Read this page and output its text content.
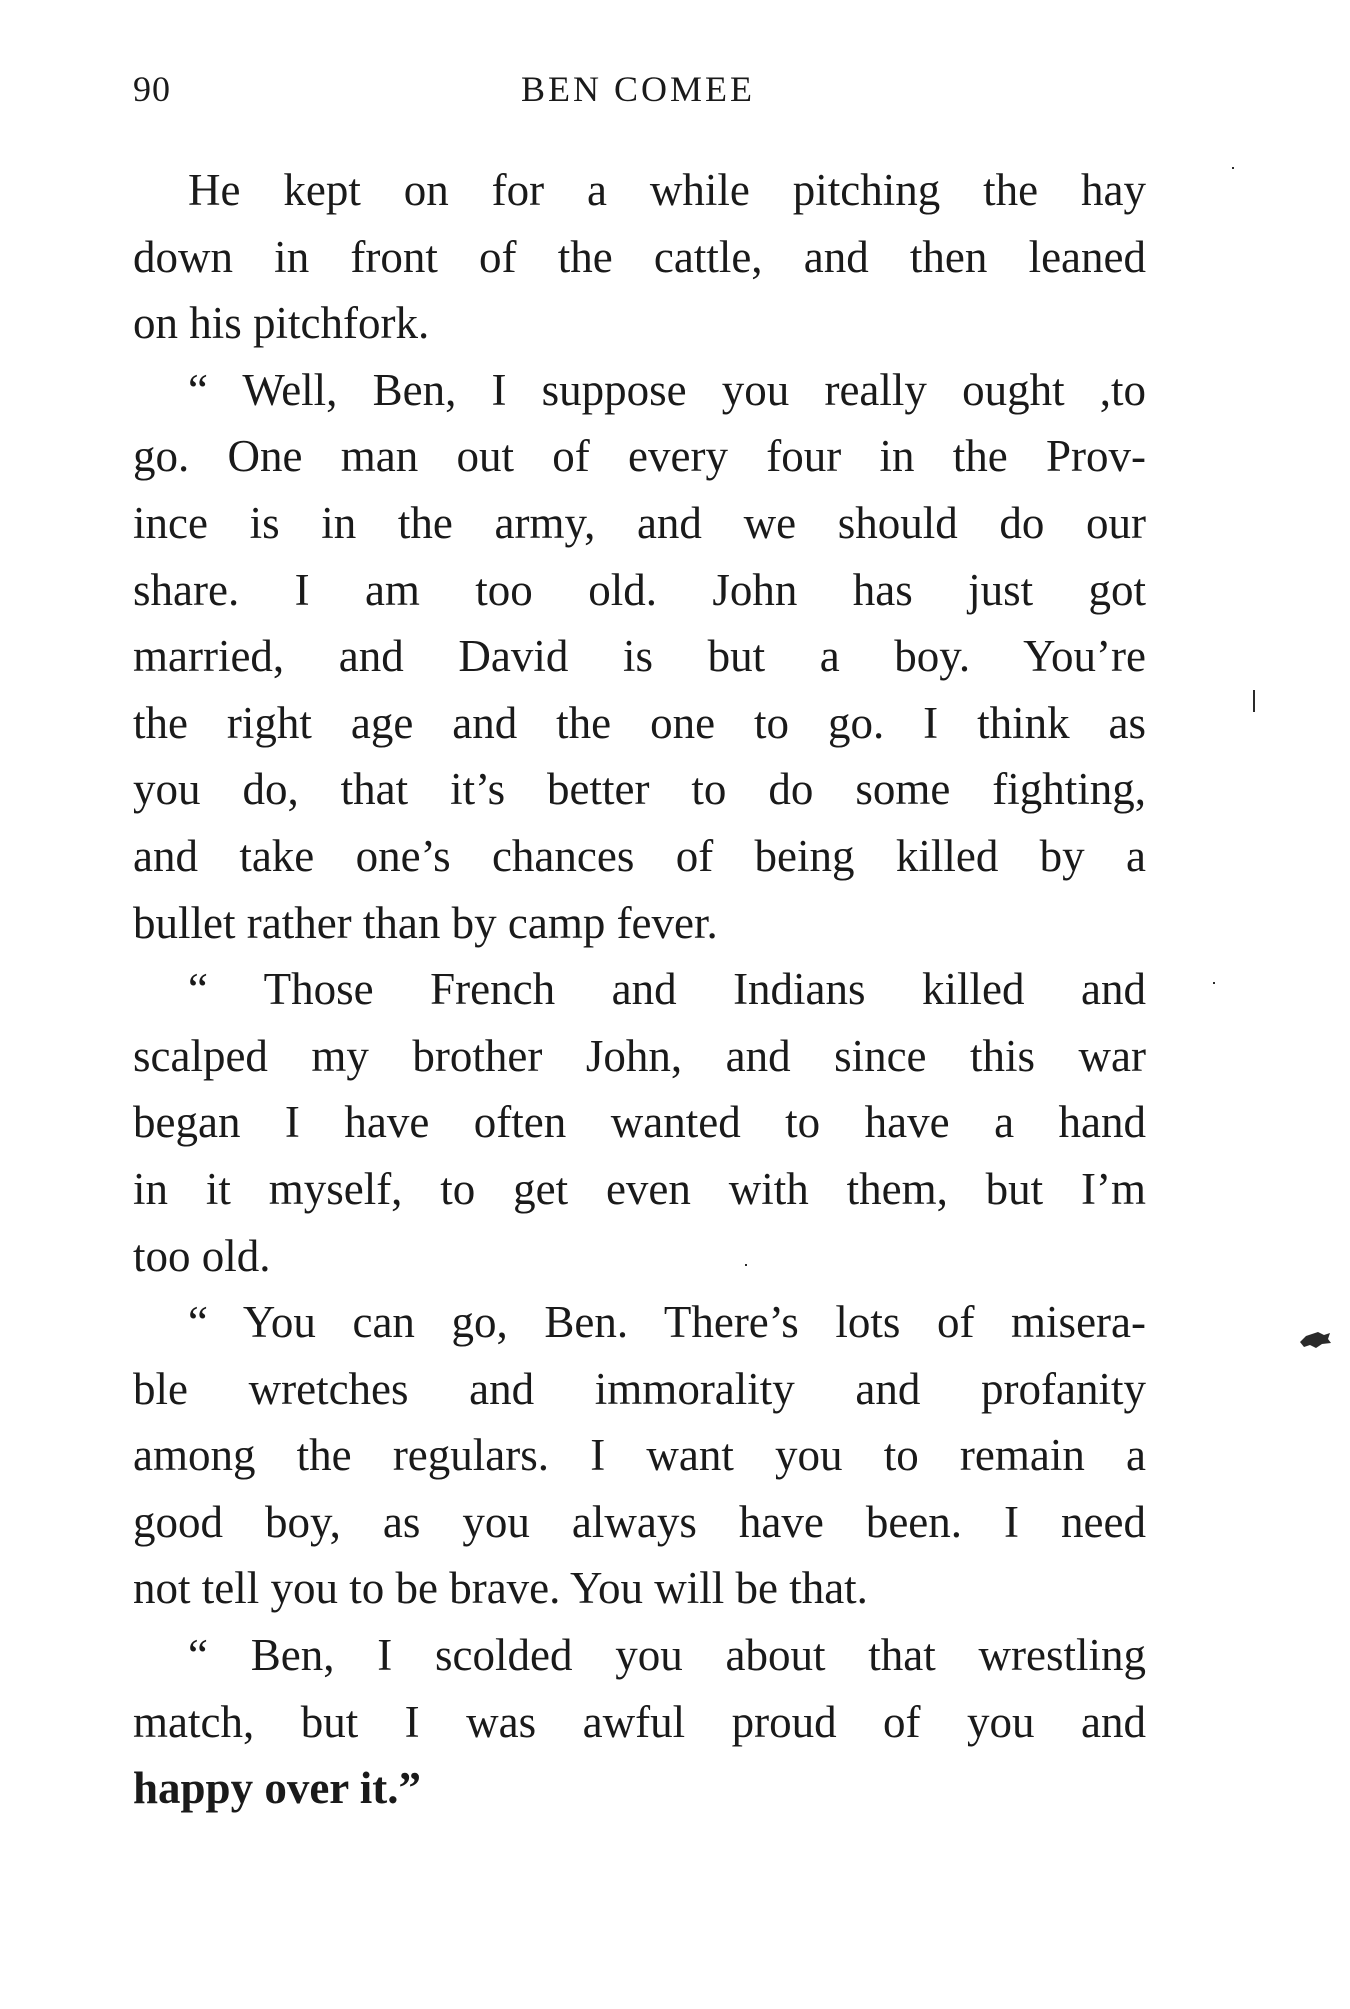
90	BEN COMEE
He kept on for a while pitching the hay
down in front of the cattle, and then leaned
on his pitchfork.
“ Well, Ben, I suppose you really ought ,to
go. One man out of every four in the Prov-
ince is in the army, and we should do our
share. I am too old. John has just got
married, and David is but a boy. You’re
the right age and the one to go. I think as
you do, that it’s better to do some fighting,
and take one’s chances of being killed by a
bullet rather than by camp fever.
“ Those French and Indians killed and
scalped my brother John, and since this war
began I have often wanted to have a hand
in it myself, to get even with them, but I’m
too old.
“ You can go, Ben. There’s lots of misera-
ble wretches and immorality and profanity
among the regulars. I want you to remain a
good boy, as you always have been. I need
not tell you to be brave. You will be that.
“ Ben, I scolded you about that wrestling
match, but I was awful proud of you and
happy over it.”
